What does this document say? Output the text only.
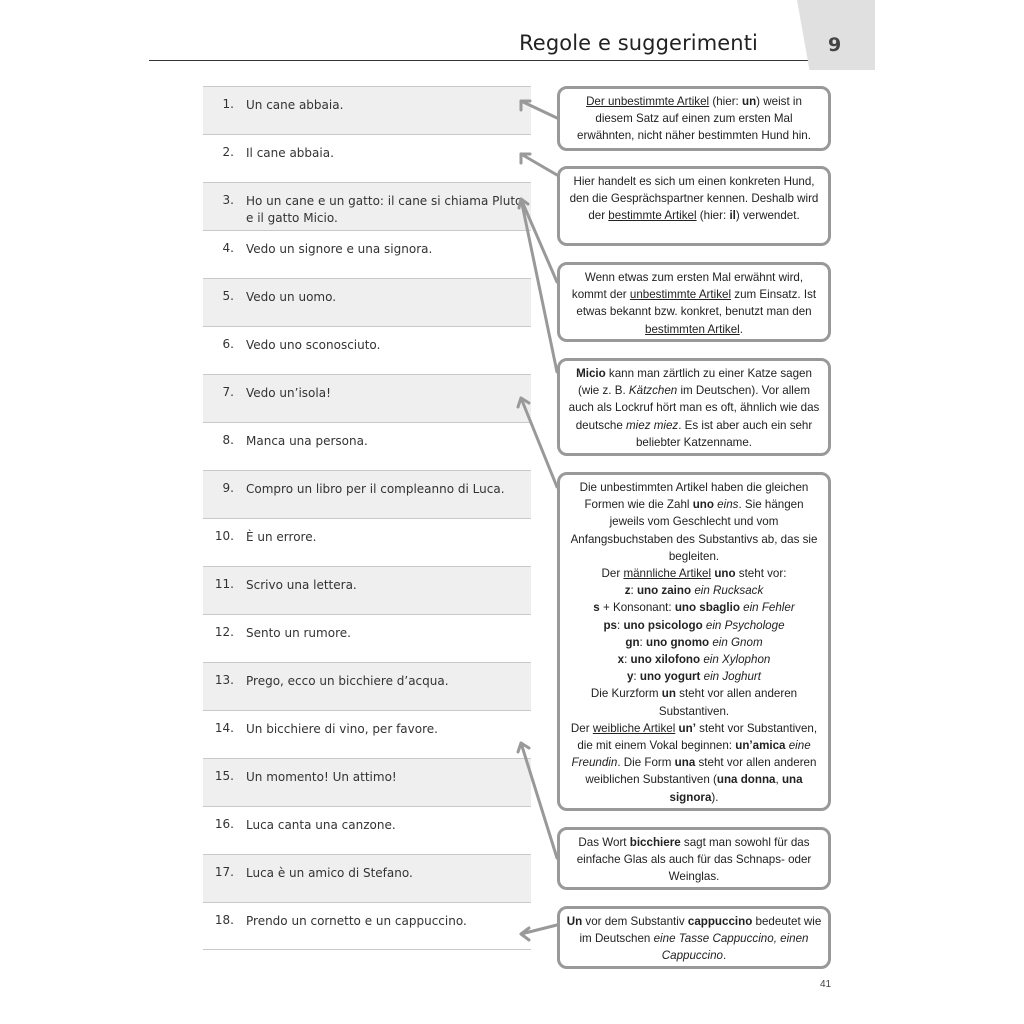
Regole e suggerimenti	9
1. Un cane abbaia.
2. Il cane abbaia.
3. Ho un cane e un gatto: il cane si chiama Pluto e il gatto Micio.
4. Vedo un signore e una signora.
5. Vedo un uomo.
6. Vedo uno sconosciuto.
7. Vedo un’isola!
8. Manca una persona.
9. Compro un libro per il compleanno di Luca.
10. È un errore.
11. Scrivo una lettera.
12. Sento un rumore.
13. Prego, ecco un bicchiere d’acqua.
14. Un bicchiere di vino, per favore.
15. Un momento! Un attimo!
16. Luca canta una canzone.
17. Luca è un amico di Stefano.
18. Prendo un cornetto e un cappuccino.
Der unbestimmte Artikel (hier: un) weist in diesem Satz auf einen zum ersten Mal erwähnten, nicht näher bestimmten Hund hin.
Hier handelt es sich um einen konkreten Hund, den die Gesprächspartner kennen. Deshalb wird der bestimmte Artikel (hier: il) verwendet.
Wenn etwas zum ersten Mal erwähnt wird, kommt der unbestimmte Artikel zum Einsatz. Ist etwas bekannt bzw. konkret, benutzt man den bestimmten Artikel.
Micio kann man zärtlich zu einer Katze sagen (wie z. B. Kätzchen im Deutschen). Vor allem auch als Lockruf hört man es oft, ähnlich wie das deutsche miez miez. Es ist aber auch ein sehr beliebter Katzenname.
Die unbestimmten Artikel haben die gleichen Formen wie die Zahl uno eins. Sie hängen jeweils vom Geschlecht und vom Anfangsbuchstaben des Substantivs ab, das sie begleiten.
Der männliche Artikel uno steht vor:
z: uno zaino ein Rucksack
s + Konsonant: uno sbaglio ein Fehler
ps: uno psicologo ein Psychologe
gn: uno gnomo ein Gnom
x: uno xilofono ein Xylophon
y: uno yogurt ein Joghurt
Die Kurzform un steht vor allen anderen Substantiven.
Der weibliche Artikel un’ steht vor Substantiven, die mit einem Vokal beginnen: un’amica eine Freundin. Die Form una steht vor allen anderen weiblichen Substantiven (una donna, una signora).
Das Wort bicchiere sagt man sowohl für das einfache Glas als auch für das Schnaps- oder Weinglas.
Un vor dem Substantiv cappuccino bedeutet wie im Deutschen eine Tasse Cappuccino, einen Cappuccino.
41
